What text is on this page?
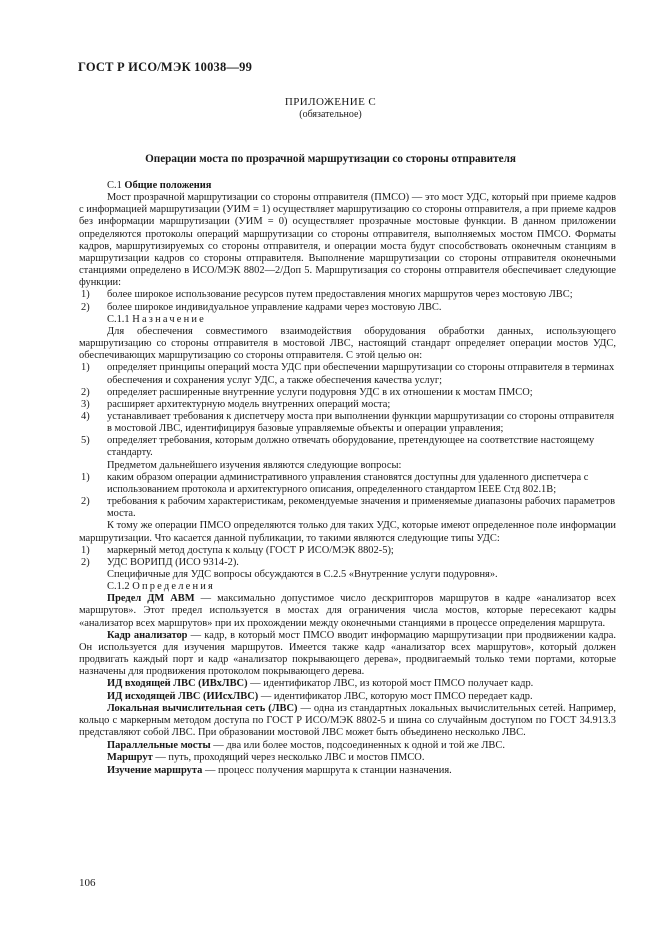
ГОСТ Р ИСО/МЭК 10038—99
ПРИЛОЖЕНИЕ С
(обязательное)
Операции моста по прозрачной маршрутизации со стороны отправителя

С.1 Общие положения

Мост прозрачной маршрутизации со стороны отправителя (ПМСО) — это мост УДС, который при приеме кадров с информацией маршрутизации (УИМ = 1) осуществляет маршрутизацию со стороны отправителя, а при приеме кадров без информации маршрутизации (УИМ = 0) осуществляет прозрачные мостовые функции. В данном приложении определяются протоколы операций маршрутизации со стороны отправителя, выполняемых мостом ПМСО. Форматы кадров, маршрутизируемых со стороны отправителя, и операции моста будут способствовать оконечным станциям в маршрутизации кадров со стороны отправителя. Выполнение маршрутизации со стороны отправителя оконечными станциями определено в ИСО/МЭК 8802—2/Доп 5. Маршрутизация со стороны отправителя обеспечивает следующие функции:

1) более широкое использование ресурсов путем предоставления многих маршрутов через мостовую ЛВС;
2) более широкое индивидуальное управление кадрами через мостовую ЛВС.

С.1.1 Назначение

Для обеспечения совместимого взаимодействия оборудования обработки данных, использующего маршрутизацию со стороны отправителя в мостовой ЛВС, настоящий стандарт определяет операции мостов УДС, обеспечивающих маршрутизацию со стороны отправителя. С этой целью он:

1) определяет принципы операций моста УДС при обеспечении маршрутизации со стороны отправителя в терминах обеспечения и сохранения услуг УДС, а также обеспечения качества услуг;
2) определяет расширенные внутренние услуги подуровня УДС в их отношении к мостам ПМСО;
3) расширяет архитектурную модель внутренних операций моста;
4) устанавливает требования к диспетчеру моста при выполнении функции маршрутизации со стороны отправителя в мостовой ЛВС, идентифицируя базовые управляемые объекты и операции управления;
5) определяет требования, которым должно отвечать оборудование, претендующее на соответствие настоящему стандарту.

Предметом дальнейшего изучения являются следующие вопросы:

1) каким образом операции административного управления становятся доступны для удаленного диспетчера с использованием протокола и архитектурного описания, определенного стандартом IEEE Стд 802.1В;
2) требования к рабочим характеристикам, рекомендуемые значения и применяемые диапазоны рабочих параметров моста.

К тому же операции ПМСО определяются только для таких УДС, которые имеют определенное поле информации маршрутизации. Что касается данной публикации, то такими являются следующие типы УДС:

1) маркерный метод доступа к кольцу (ГОСТ Р ИСО/МЭК 8802-5);
2) УДС ВОРИПД (ИСО 9314-2).

Специфичные для УДС вопросы обсуждаются в С.2.5 «Внутренние услуги подуровня».

С.1.2 Определения

Предел ДМ АВМ — максимально допустимое число дескрипторов маршрутов в кадре «анализатор всех маршрутов». Этот предел используется в мостах для ограничения числа мостов, которые пересекают кадры «анализатор всех маршрутов» при их прохождении между оконечными станциями в процессе определения маршрута.

Кадр анализатор — кадр, в который мост ПМСО вводит информацию маршрутизации при продвижении кадра. Он используется для изучения маршрутов. Имеется также кадр «анализатор всех маршрутов», который должен продвигать каждый порт и кадр «анализатор покрывающего дерева», продвигаемый только теми портами, которые назначены для продвижения протоколом покрывающего дерева.

ИД входящей ЛВС (ИВхЛВС) — идентификатор ЛВС, из которой мост ПМСО получает кадр.

ИД исходящей ЛВС (ИИсхЛВС) — идентификатор ЛВС, которую мост ПМСО передает кадр.

Локальная вычислительная сеть (ЛВС) — одна из стандартных локальных вычислительных сетей. Например, кольцо с маркерным методом доступа по ГОСТ Р ИСО/МЭК 8802-5 и шина со случайным доступом по ГОСТ 34.913.3 представляют собой ЛВС. При образовании мостовой ЛВС может быть объединено несколько ЛВС.

Параллельные мосты — два или более мостов, подсоединенных к одной и той же ЛВС.

Маршрут — путь, проходящий через несколько ЛВС и мостов ПМСО.

Изучение маршрута — процесс получения маршрута к станции назначения.

106
